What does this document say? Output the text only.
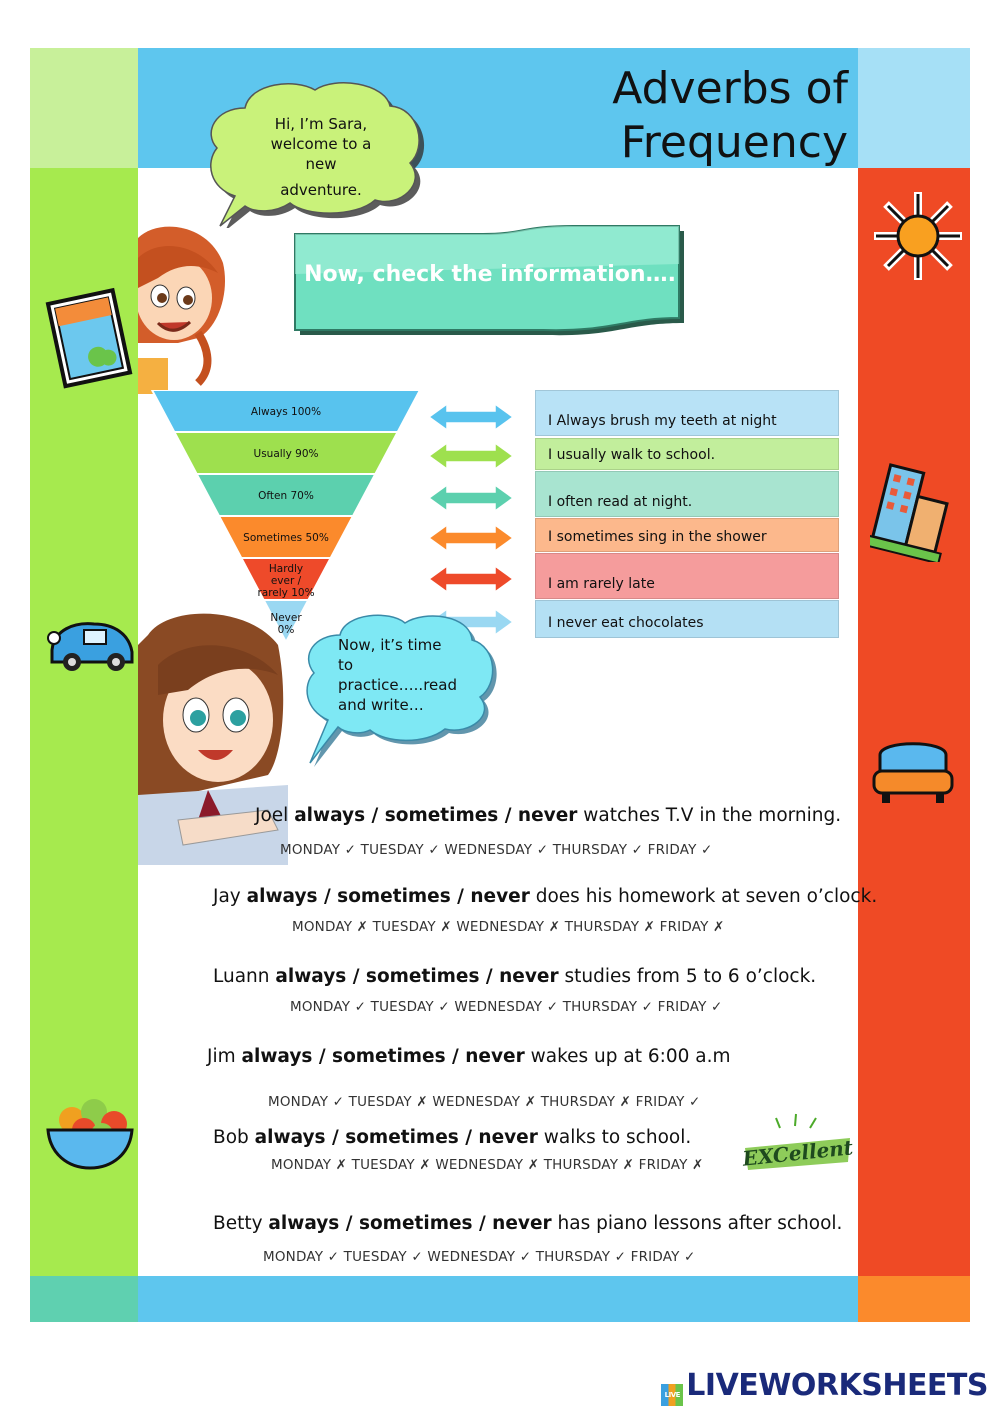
Adverbs of
Frequency
Hi, I’m Sara,
welcome to a
new
adventure.
Now, check the information….
Always 100%
Usually 90%
Often 70%
Sometimes 50%
Hardly ever / rarely 10%
Never 0%
I Always brush my teeth at night
I usually walk to school.
I often read at night.
I sometimes sing in the shower
I am rarely late
I never eat chocolates
Now, it’s time
to
practice…..read
and write…
Joel always / sometimes / never watches T.V in the morning.
MONDAY ✓ TUESDAY ✓ WEDNESDAY ✓ THURSDAY ✓ FRIDAY ✓
Jay always / sometimes / never does his homework at seven o’clock.
MONDAY ✗ TUESDAY ✗ WEDNESDAY ✗ THURSDAY ✗ FRIDAY ✗
Luann always / sometimes / never studies from 5 to 6 o’clock.
MONDAY ✓ TUESDAY ✓ WEDNESDAY ✓ THURSDAY ✓ FRIDAY ✓
Jim always / sometimes / never wakes up at 6:00 a.m
MONDAY ✓ TUESDAY ✗ WEDNESDAY ✗ THURSDAY ✗ FRIDAY ✓
Bob always / sometimes / never walks to school.
MONDAY ✗ TUESDAY ✗ WEDNESDAY ✗ THURSDAY ✗ FRIDAY ✗
Betty always / sometimes / never has piano lessons after school.
MONDAY ✓ TUESDAY ✓ WEDNESDAY ✓ THURSDAY ✓ FRIDAY ✓
EXCellent
LIVE LIVEWORKSHEETS
